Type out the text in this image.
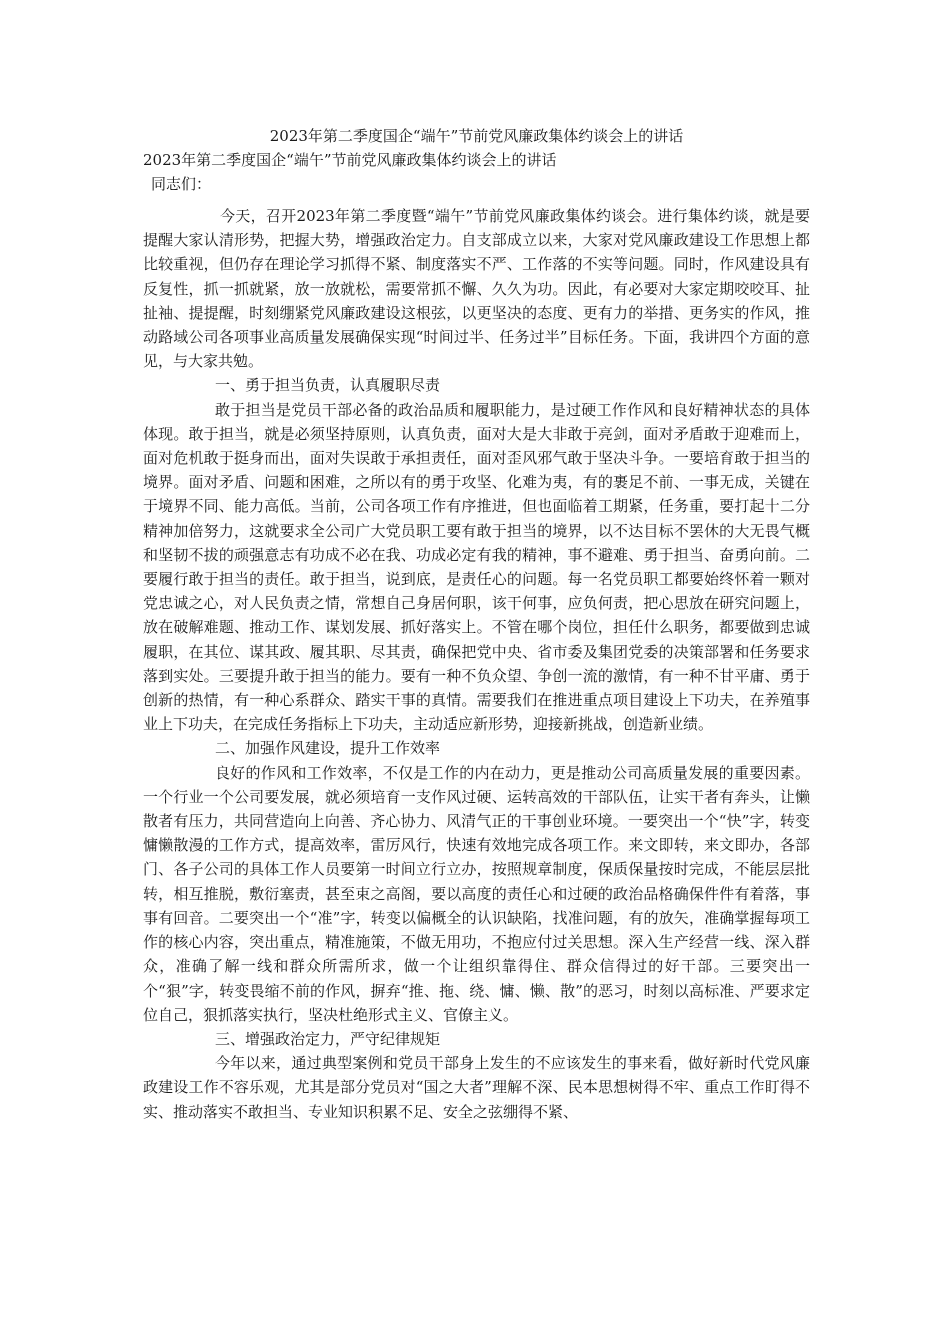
2023年第二季度国企“端午”节前党风廉政集体约谈会上的讲话

2023年第二季度国企“端午”节前党风廉政集体约谈会上的讲话

同志们：

今天，召开2023年第二季度暨“端午”节前党风廉政集体约谈会。进行集体约谈，就是要提醒大家认清形势，把握大势，增强政治定力。自支部成立以来，大家对党风廉政建设工作思想上都比较重视，但仍存在理论学习抓得不紧、制度落实不严、工作落的不实等问题。同时，作风建设具有反复性，抓一抓就紧，放一放就松，需要常抓不懈、久久为功。因此，有必要对大家定期咬咬耳、扯扯袖、提提醒，时刻绷紧党风廉政建设这根弦，以更坚决的态度、更有力的举措、更务实的作风，推动路域公司各项事业高质量发展确保实现“时间过半、任务过半”目标任务。下面，我讲四个方面的意见，与大家共勉。

一、勇于担当负责，认真履职尽责

敢于担当是党员干部必备的政治品质和履职能力，是过硬工作作风和良好精神状态的具体体现。敢于担当，就是必须坚持原则，认真负责，面对大是大非敢于亮剑，面对矛盾敢于迎难而上，面对危机敢于挺身而出，面对失误敢于承担责任，面对歪风邪气敢于坚决斗争。一要培育敢于担当的境界。面对矛盾、问题和困难，之所以有的勇于攻坚、化难为夷，有的裹足不前、一事无成，关键在于境界不同、能力高低。当前，公司各项工作有序推进，但也面临着工期紧，任务重，要打起十二分精神加倍努力，这就要求全公司广大党员职工要有敢于担当的境界，以不达目标不罢休的大无畏气概和坚韧不拔的顽强意志有功成不必在我、功成必定有我的精神，事不避难、勇于担当、奋勇向前。二要履行敢于担当的责任。敢于担当，说到底，是责任心的问题。每一名党员职工都要始终怀着一颗对党忠诚之心，对人民负责之情，常想自己身居何职，该干何事，应负何责，把心思放在研究问题上，放在破解难题、推动工作、谋划发展、抓好落实上。不管在哪个岗位，担任什么职务，都要做到忠诚履职，在其位、谋其政、履其职、尽其责，确保把党中央、省市委及集团党委的决策部署和任务要求落到实处。三要提升敢于担当的能力。要有一种不负众望、争创一流的激情，有一种不甘平庸、勇于创新的热情，有一种心系群众、踏实干事的真情。需要我们在推进重点项目建设上下功夫，在养殖事业上下功夫，在完成任务指标上下功夫，主动适应新形势，迎接新挑战，创造新业绩。

二、加强作风建设，提升工作效率

良好的作风和工作效率，不仅是工作的内在动力，更是推动公司高质量发展的重要因素。一个行业一个公司要发展，就必须培育一支作风过硬、运转高效的干部队伍，让实干者有奔头，让懒散者有压力，共同营造向上向善、齐心协力、风清气正的干事创业环境。一要突出一个“快”字，转变慵懒散漫的工作方式，提高效率，雷厉风行，快速有效地完成各项工作。来文即转，来文即办，各部门、各子公司的具体工作人员要第一时间立行立办，按照规章制度，保质保量按时完成，不能层层批转，相互推脱，敷衍塞责，甚至束之高阁，要以高度的责任心和过硬的政治品格确保件件有着落，事事有回音。二要突出一个“准”字，转变以偏概全的认识缺陷，找准问题，有的放矢，准确掌握每项工作的核心内容，突出重点，精准施策，不做无用功，不抱应付过关思想。深入生产经营一线、深入群众，准确了解一线和群众所需所求，做一个让组织靠得住、群众信得过的好干部。三要突出一个“狠”字，转变畏缩不前的作风，摒弃“推、拖、绕、慵、懒、散”的恶习，时刻以高标准、严要求定位自己，狠抓落实执行，坚决杜绝形式主义、官僚主义。

三、增强政治定力，严守纪律规矩

今年以来，通过典型案例和党员干部身上发生的不应该发生的事来看，做好新时代党风廉政建设工作不容乐观，尤其是部分党员对“国之大者”理解不深、民本思想树得不牢、重点工作盯得不实、推动落实不敢担当、专业知识积累不足、安全之弦绷得不紧、
